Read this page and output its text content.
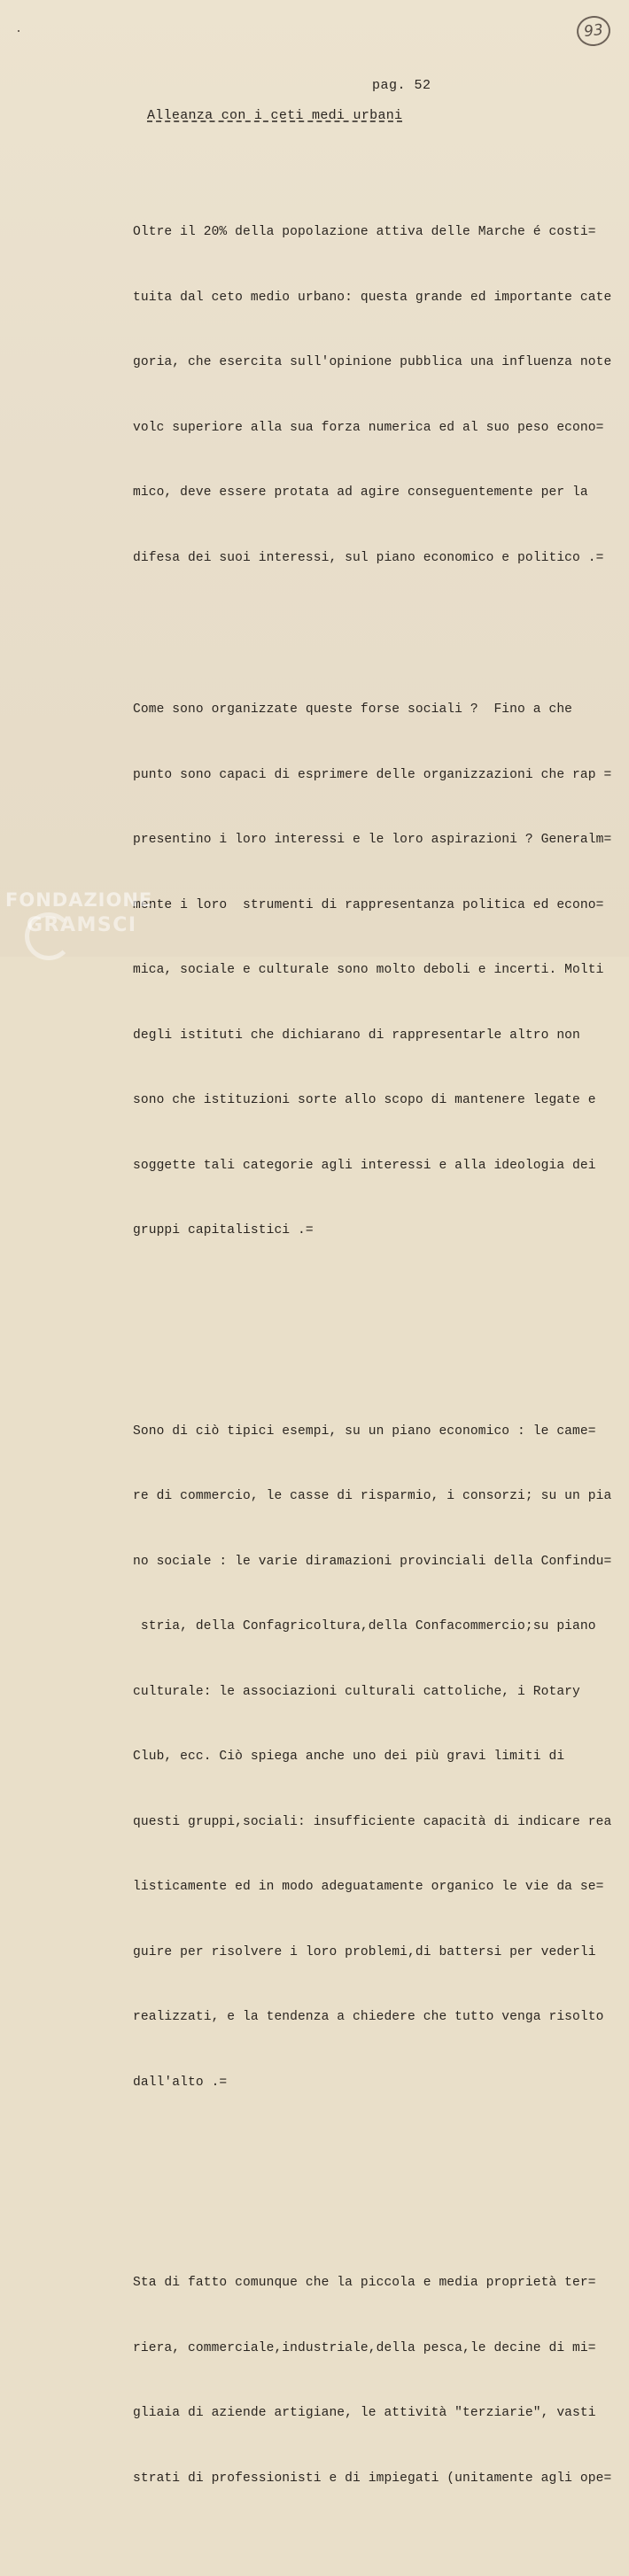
93
pag. 52
Alleanza con i ceti medi urbani

Oltre il 20% della popolazione attiva delle Marche é costi=

tuita dal ceto medio urbano: questa grande ed importante cate

goria, che esercita sull'opinione pubblica una influenza note

volc superiore alla sua forza numerica ed al suo peso econo=

mico, deve essere protata ad agire conseguentemente per la

difesa dei suoi interessi, sul piano economico e politico .=

Come sono organizzate queste forse sociali ?  Fino a che

punto sono capaci di esprimere delle organizzazioni che rap =

presentino i loro interessi e le loro aspirazioni ? Generalm=

mente i loro  strumenti di rappresentanza politica ed econo=

mica, sociale e culturale sono molto deboli e incerti. Molti

degli istituti che dichiarano di rappresentarle altro non

sono che istituzioni sorte allo scopo di mantenere legate e

soggette tali categorie agli interessi e alla ideologia dei

gruppi capitalistici .=

Sono di ciò tipici esempi, su un piano economico : le came=

re di commercio, le casse di risparmio, i consorzi; su un pia

no sociale : le varie diramazioni provinciali della Confindu=

stria, della Confagricoltura,della Confacommercio;su piano

culturale: le associazioni culturali cattoliche, i Rotary

Club, ecc. Ciò spiega anche uno dei più gravi limiti di

questi gruppi,sociali: insufficiente capacità di indicare rea

listicamente ed in modo adeguatamente organico le vie da se=

guire per risolvere i loro problemi,di battersi per vederli

realizzati, e la tendenza a chiedere che tutto venga risolto

dall'alto .=

Sta di fatto comunque che la piccola e media proprietà ter=

riera, commerciale,industriale,della pesca,le decine di mi=

gliaia di aziende artigiane, le attività "terziarie", vasti

strati di professionisti e di impiegati (unitamente agli ope=

FONDAZIONE
GRAMSCI
